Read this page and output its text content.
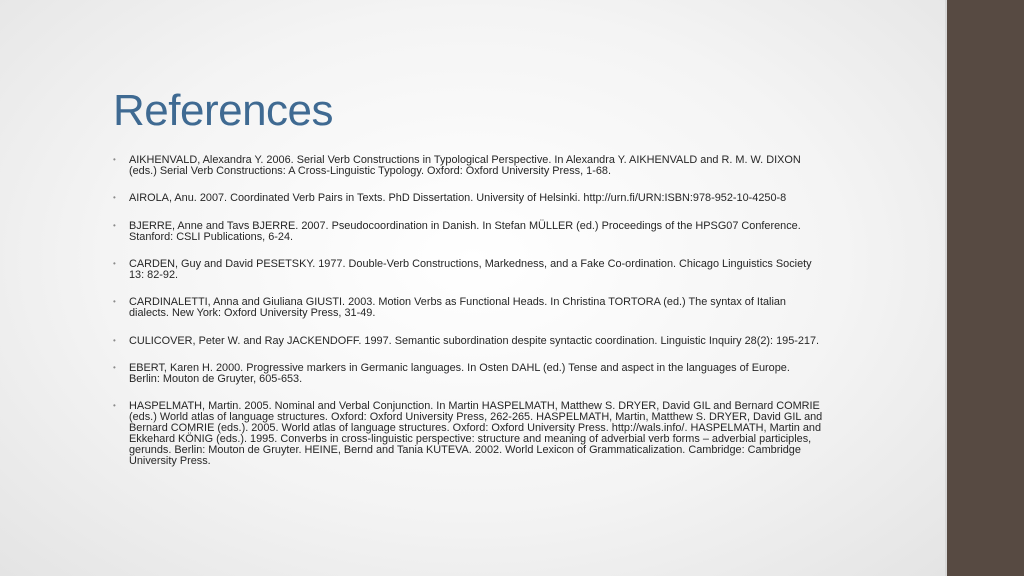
References
• AIKHENVALD, Alexandra Y. 2006. Serial Verb Constructions in Typological Perspective. In Alexandra Y. AIKHENVALD and R. M. W. DIXON (eds.) Serial Verb Constructions: A Cross-Linguistic Typology. Oxford: Oxford University Press, 1-68.
• AIROLA, Anu. 2007. Coordinated Verb Pairs in Texts. PhD Dissertation. University of Helsinki. http://urn.fi/URN:ISBN:978-952-10-4250-8
• BJERRE, Anne and Tavs BJERRE. 2007. Pseudocoordination in Danish. In Stefan MÜLLER (ed.) Proceedings of the HPSG07 Conference. Stanford: CSLI Publications, 6-24.
• CARDEN, Guy and David PESETSKY. 1977. Double-Verb Constructions, Markedness, and a Fake Co-ordination. Chicago Linguistics Society 13: 82-92.
• CARDINALETTI, Anna and Giuliana GIUSTI. 2003. Motion Verbs as Functional Heads. In Christina TORTORA (ed.) The syntax of Italian dialects. New York: Oxford University Press, 31-49.
• CULICOVER, Peter W. and Ray JACKENDOFF. 1997. Semantic subordination despite syntactic coordination. Linguistic Inquiry 28(2): 195-217.
• EBERT, Karen H. 2000. Progressive markers in Germanic languages. In Osten DAHL (ed.) Tense and aspect in the languages of Europe. Berlin: Mouton de Gruyter, 605-653.
• HASPELMATH, Martin. 2005. Nominal and Verbal Conjunction. In Martin HASPELMATH, Matthew S. DRYER, David GIL and Bernard COMRIE (eds.) World atlas of language structures. Oxford: Oxford University Press, 262-265. HASPELMATH, Martin, Matthew S. DRYER, David GIL and Bernard COMRIE (eds.). 2005. World atlas of language structures. Oxford: Oxford University Press. http://wals.info/. HASPELMATH, Martin and Ekkehard KÖNIG (eds.). 1995. Converbs in cross-linguistic perspective: structure and meaning of adverbial verb forms – adverbial participles, gerunds. Berlin: Mouton de Gruyter. HEINE, Bernd and Tania KUTEVA. 2002. World Lexicon of Grammaticalization. Cambridge: Cambridge University Press.
